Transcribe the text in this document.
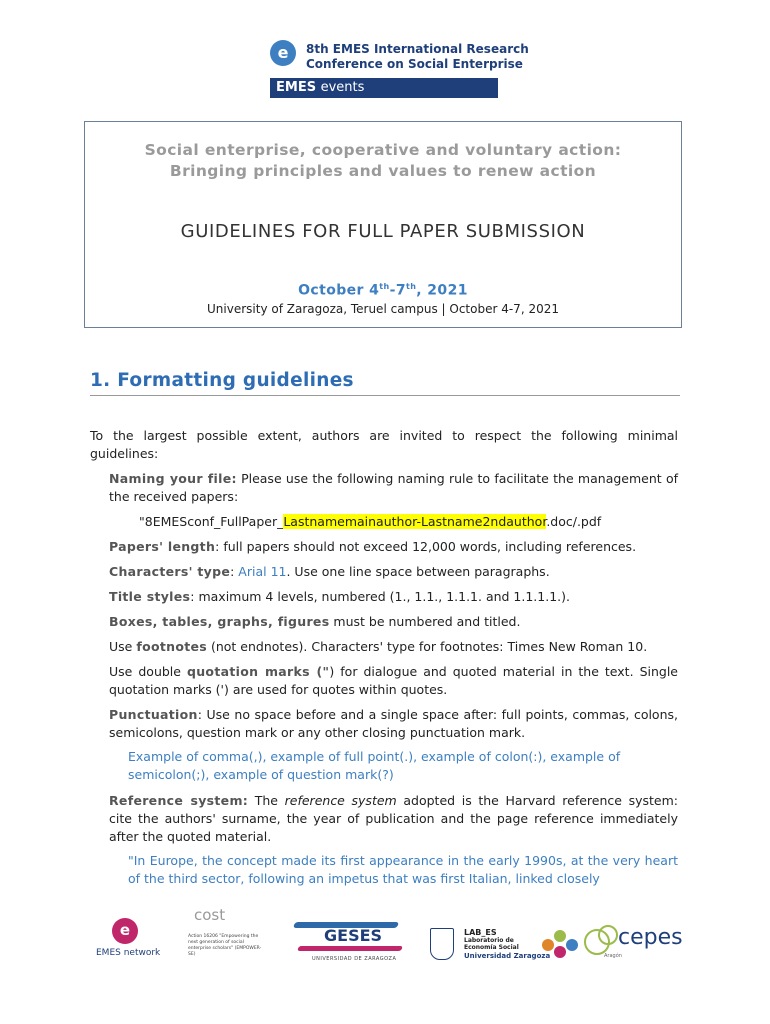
e	8th EMES International Research
Conference on Social Enterprise
EMES events
Social enterprise, cooperative and voluntary action: Bringing principles and values to renew action
GUIDELINES FOR FULL PAPER SUBMISSION
October 4th-7th, 2021
University of Zaragoza, Teruel campus | October 4-7, 2021
1. Formatting guidelines
To the largest possible extent, authors are invited to respect the following minimal guidelines:
Naming your file: Please use the following naming rule to facilitate the management of the received papers:
"8EMESconf_FullPaper_Lastnamemainauthor-Lastname2ndauthor.doc/.pdf
Papers' length: full papers should not exceed 12,000 words, including references.
Characters' type: Arial 11. Use one line space between paragraphs.
Title styles: maximum 4 levels, numbered (1., 1.1., 1.1.1. and 1.1.1.1.).
Boxes, tables, graphs, figures must be numbered and titled.
Use footnotes (not endnotes). Characters' type for footnotes: Times New Roman 10.
Use double quotation marks (") for dialogue and quoted material in the text. Single quotation marks (') are used for quotes within quotes.
Punctuation: Use no space before and a single space after: full points, commas, colons, semicolons, question mark or any other closing punctuation mark.
Example of comma(,), example of full point(.), example of colon(:), example of semicolon(;), example of question mark(?)
Reference system: The reference system adopted is the Harvard reference system: cite the authors' surname, the year of publication and the page reference immediately after the quoted material.
"In Europe, the concept made its first appearance in the early 1990s, at the very heart of the third sector, following an impetus that was first Italian, linked closely
e
EMES network
cost
Action 16206 "Empowering the next generation of social enterprise scholars" (EMPOWER-SE)
GESES
UNIVERSIDAD DE ZARAGOZA
LAB_ES
Laboratorio de Economía Social
Universidad Zaragoza
cepes
Aragón
